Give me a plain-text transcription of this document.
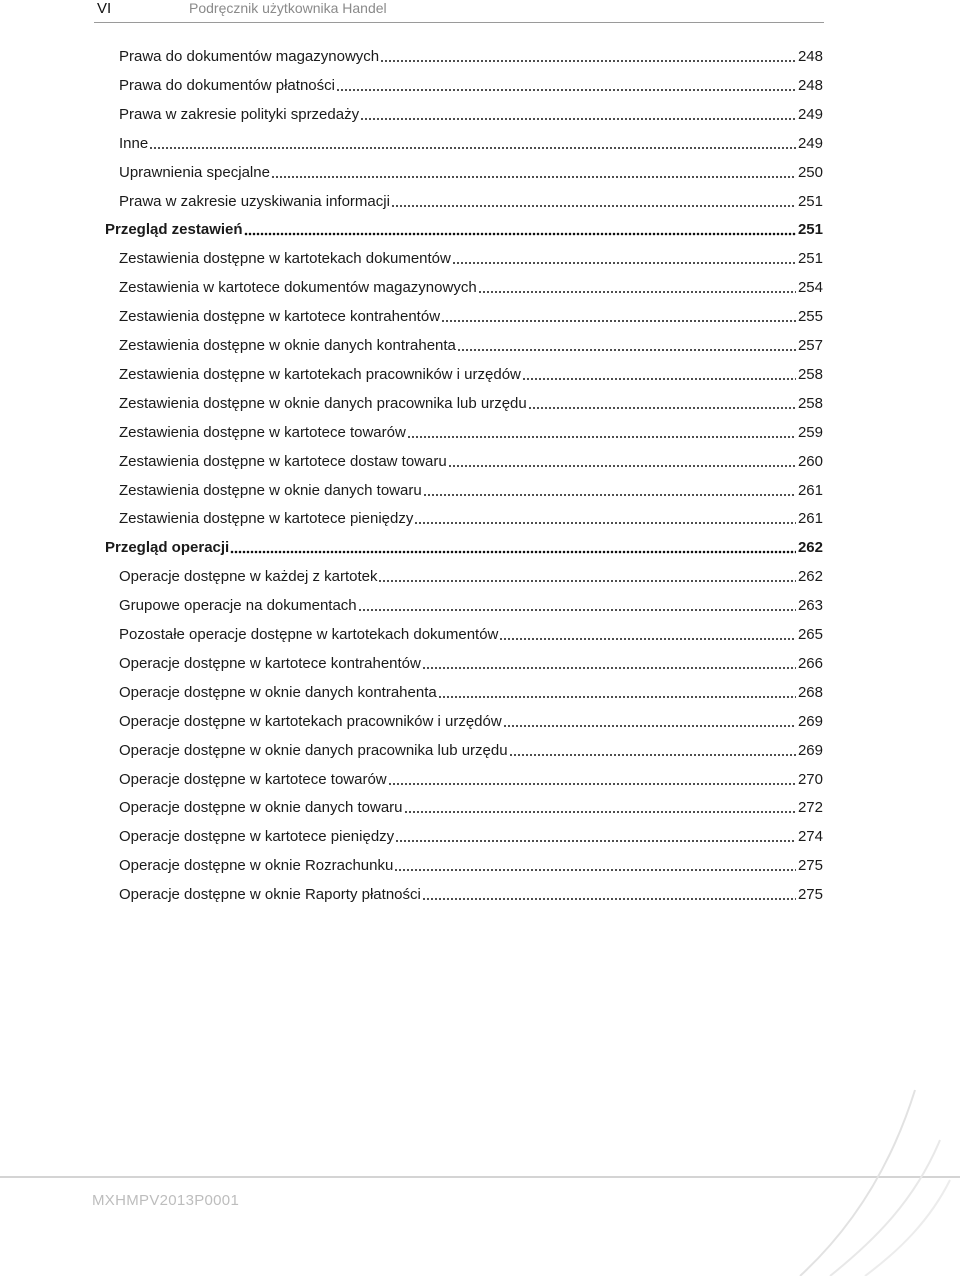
VI	Podręcznik użytkownika Handel
Prawa do dokumentów magazynowych	248
Prawa do dokumentów płatności	248
Prawa w zakresie polityki sprzedaży	249
Inne	249
Uprawnienia specjalne	250
Prawa w zakresie uzyskiwania informacji	251
Przegląd zestawień	251
Zestawienia dostępne w kartotekach dokumentów	251
Zestawienia w kartotece dokumentów magazynowych	254
Zestawienia dostępne w kartotece kontrahentów	255
Zestawienia dostępne w oknie danych kontrahenta	257
Zestawienia dostępne w kartotekach pracowników i urzędów	258
Zestawienia dostępne w oknie danych pracownika lub urzędu	258
Zestawienia dostępne w kartotece towarów	259
Zestawienia dostępne w kartotece dostaw towaru	260
Zestawienia dostępne w oknie danych towaru	261
Zestawienia dostępne w kartotece pieniędzy	261
Przegląd operacji	262
Operacje dostępne w każdej z kartotek	262
Grupowe operacje na dokumentach	263
Pozostałe operacje dostępne w kartotekach dokumentów	265
Operacje dostępne w kartotece kontrahentów	266
Operacje dostępne w oknie danych kontrahenta	268
Operacje dostępne w kartotekach pracowników i urzędów	269
Operacje dostępne w oknie danych pracownika lub urzędu	269
Operacje dostępne w kartotece towarów	270
Operacje dostępne w oknie danych towaru	272
Operacje dostępne w kartotece pieniędzy	274
Operacje dostępne w oknie Rozrachunku	275
Operacje dostępne w oknie Raporty płatności	275
MXHMPV2013P0001
